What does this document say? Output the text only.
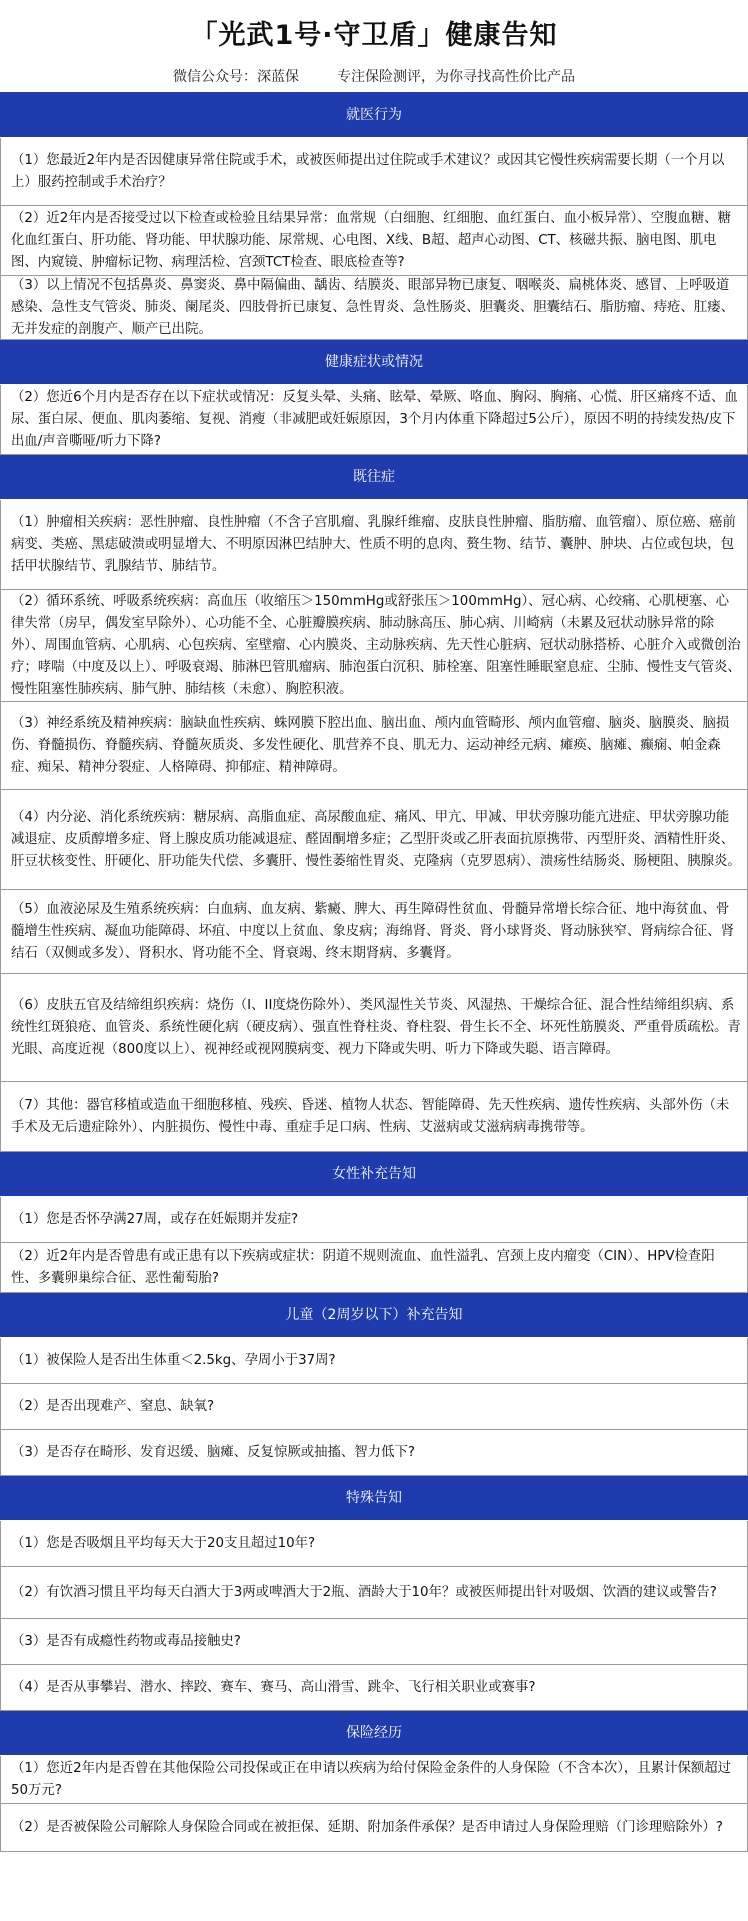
「光武1号·守卫盾」健康告知
微信公众号：深蓝保	专注保险测评，为你寻找高性价比产品
就医行为
（1）您最近2年内是否因健康异常住院或手术，或被医师提出过住院或手术建议？或因其它慢性疾病需要长期（一个月以上）服药控制或手术治疗？
（2）近2年内是否接受过以下检查或检验且结果异常：血常规（白细胞、红细胞、血红蛋白、血小板异常）、空腹血糖、糖化血红蛋白、肝功能、肾功能、甲状腺功能、尿常规、心电图、X线、B超、超声心动图、CT、核磁共振、脑电图、肌电图、内窥镜、肿瘤标记物、病理活检、宫颈TCT检查、眼底检查等?
（3）以上情况不包括鼻炎、鼻窦炎、鼻中隔偏曲、龋齿、结膜炎、眼部异物已康复、咽喉炎、扁桃体炎、感冒、上呼吸道感染、急性支气管炎、肺炎、阑尾炎、四肢骨折已康复、急性胃炎、急性肠炎、胆囊炎、胆囊结石、脂肪瘤、痔疮、肛瘘、无并发症的剖腹产、顺产已出院。
健康症状或情况
（2）您近6个月内是否存在以下症状或情况：反复头晕、头痛、眩晕、晕厥、咯血、胸闷、胸痛、心慌、肝区痛疼不适、血尿、蛋白尿、便血、肌肉萎缩、复视、消瘦（非减肥或妊娠原因，3个月内体重下降超过5公斤），原因不明的持续发热/皮下出血/声音嘶哑/听力下降?
既往症
（1）肿瘤相关疾病：恶性肿瘤、良性肿瘤（不含子宫肌瘤、乳腺纤维瘤、皮肤良性肿瘤、脂肪瘤、血管瘤）、原位癌、癌前病变、类癌、黑痣破溃或明显增大、不明原因淋巴结肿大、性质不明的息肉、赘生物、结节、囊肿、肿块、占位或包块，包括甲状腺结节、乳腺结节、肺结节。
（2）循环系统、呼吸系统疾病：高血压（收缩压＞150mmHg或舒张压＞100mmHg）、冠心病、心绞痛、心肌梗塞、心律失常（房早，偶发室早除外）、心功能不全、心脏瓣膜疾病、肺动脉高压、肺心病、川崎病（未累及冠状动脉异常的除外）、周围血管病、心肌病、心包疾病、室壁瘤、心内膜炎、主动脉疾病、先天性心脏病、冠状动脉搭桥、心脏介入或微创治疗；哮喘（中度及以上）、呼吸衰竭、肺淋巴管肌瘤病、肺泡蛋白沉积、肺栓塞、阻塞性睡眠窒息症、尘肺、慢性支气管炎、慢性阻塞性肺疾病、肺气肿、肺结核（未愈）、胸腔积液。
（3）神经系统及精神疾病：脑缺血性疾病、蛛网膜下腔出血、脑出血、颅内血管畸形、颅内血管瘤、脑炎、脑膜炎、脑损伤、脊髓损伤、脊髓疾病、脊髓灰质炎、多发性硬化、肌营养不良、肌无力、运动神经元病、瘫痪、脑瘫、癫痫、帕金森症、痴呆、精神分裂症、人格障碍、抑郁症、精神障碍。
（4）内分泌、消化系统疾病：糖尿病、高脂血症、高尿酸血症、痛风、甲亢、甲减、甲状旁腺功能亢进症、甲状旁腺功能减退症、皮质醇增多症、肾上腺皮质功能减退症、醛固酮增多症；乙型肝炎或乙肝表面抗原携带、丙型肝炎、酒精性肝炎、肝豆状核变性、肝硬化、肝功能失代偿、多囊肝、慢性萎缩性胃炎、克隆病（克罗恩病）、溃疡性结肠炎、肠梗阻、胰腺炎。
（5）血液泌尿及生殖系统疾病：白血病、血友病、紫癜、脾大、再生障碍性贫血、骨髓异常增长综合征、地中海贫血、骨髓增生性疾病、凝血功能障碍、坏疽、中度以上贫血、象皮病；海绵肾、肾炎、肾小球肾炎、肾动脉狭窄、肾病综合征、肾结石（双侧或多发）、肾积水、肾功能不全、肾衰竭、终末期肾病、多囊肾。
（6）皮肤五官及结缔组织疾病：烧伤（I、II度烧伤除外）、类风湿性关节炎、风湿热、干燥综合征、混合性结缔组织病、系统性红斑狼疮、血管炎、系统性硬化病（硬皮病）、强直性脊柱炎、脊柱裂、骨生长不全、坏死性筋膜炎、严重骨质疏松。青光眼、高度近视（800度以上）、视神经或视网膜病变、视力下降或失明、听力下降或失聪、语言障碍。
（7）其他：器官移植或造血干细胞移植、残疾、昏迷、植物人状态、智能障碍、先天性疾病、遗传性疾病、头部外伤（未手术及无后遗症除外）、内脏损伤、慢性中毒、重症手足口病、性病、艾滋病或艾滋病病毒携带等。
女性补充告知
（1）您是否怀孕满27周，或存在妊娠期并发症?
（2）近2年内是否曾患有或正患有以下疾病或症状：阴道不规则流血、血性溢乳、宫颈上皮内瘤变（CIN）、HPV检查阳性、多囊卵巢综合征、恶性葡萄胎?
儿童（2周岁以下）补充告知
（1）被保险人是否出生体重＜2.5kg、孕周小于37周?
（2）是否出现难产、窒息、缺氧?
（3）是否存在畸形、发育迟缓、脑瘫、反复惊厥或抽搐、智力低下?
特殊告知
（1）您是否吸烟且平均每天大于20支且超过10年?
（2）有饮酒习惯且平均每天白酒大于3两或啤酒大于2瓶、酒龄大于10年？或被医师提出针对吸烟、饮酒的建议或警告?
（3）是否有成瘾性药物或毒品接触史?
（4）是否从事攀岩、潜水、摔跤、赛车、赛马、高山滑雪、跳伞、飞行相关职业或赛事?
保险经历
（1）您近2年内是否曾在其他保险公司投保或正在申请以疾病为给付保险金条件的人身保险（不含本次），且累计保额超过50万元?
（2）是否被保险公司解除人身保险合同或在被拒保、延期、附加条件承保？是否申请过人身保险理赔（门诊理赔除外）?
